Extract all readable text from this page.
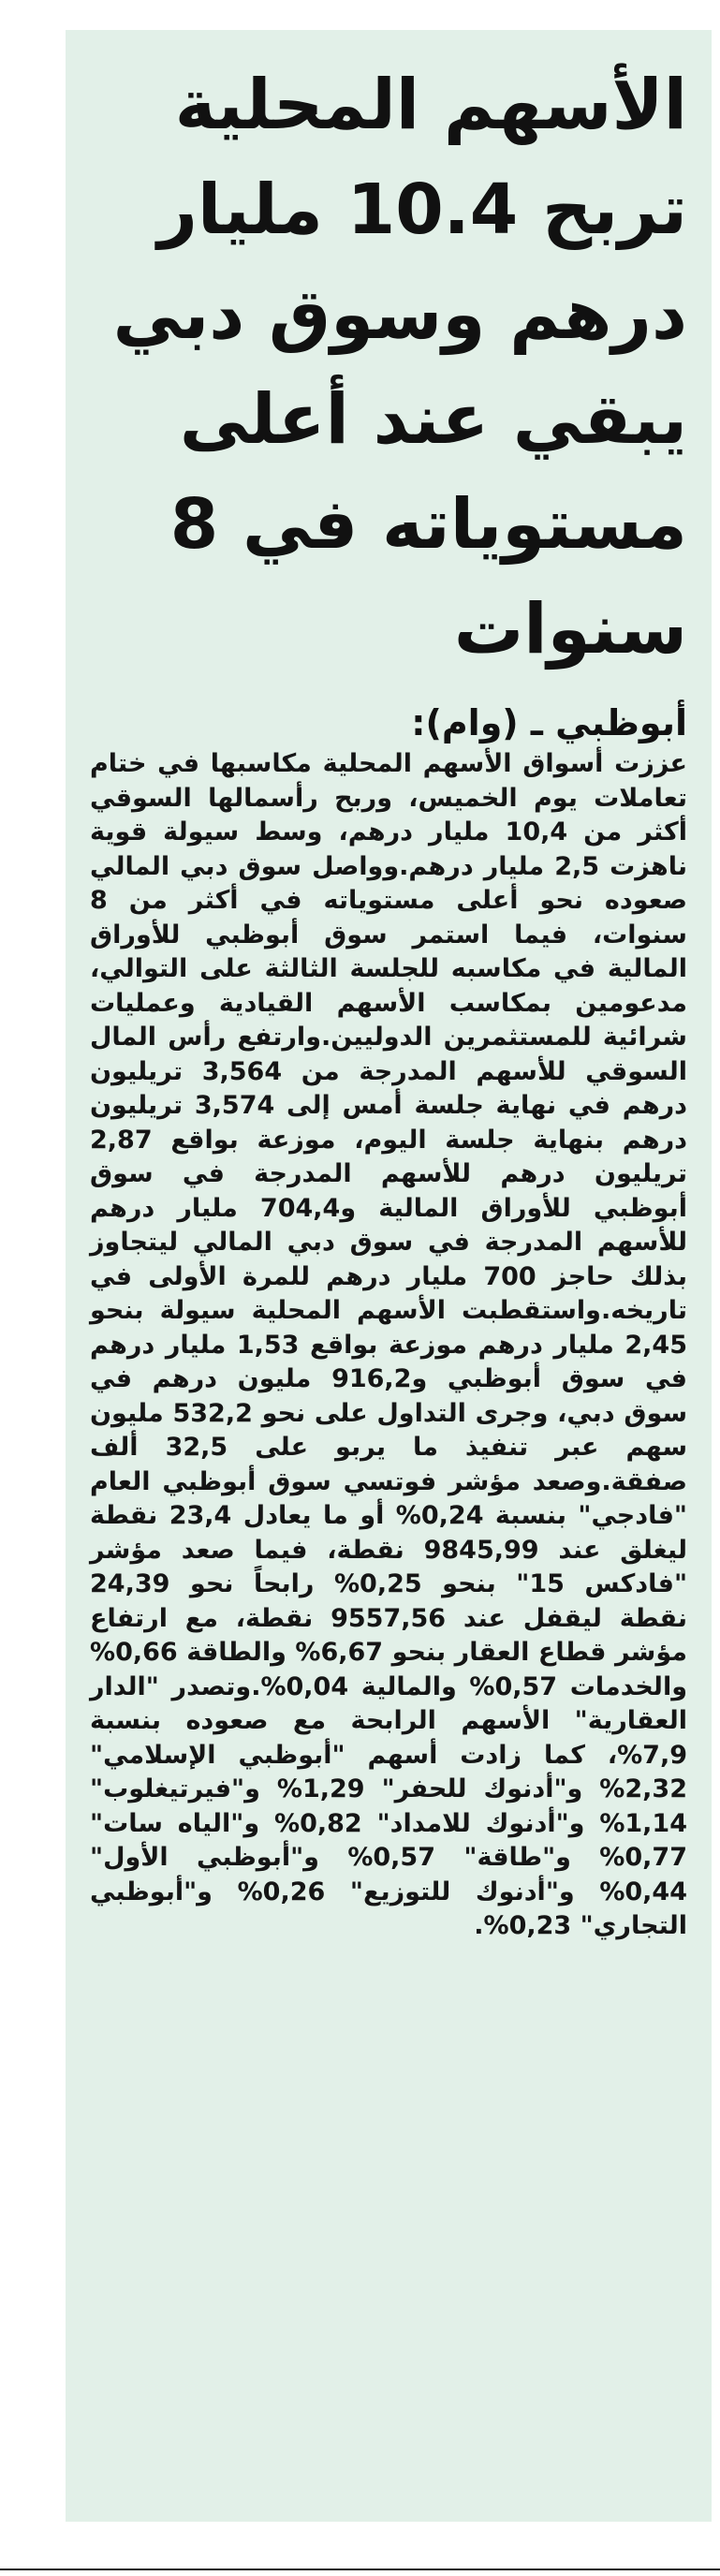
الأسهم المحلية
تربح 10.4 مليار
درهم وسوق دبي
يبقي عند أعلى
مستوياته في 8
سنوات
أبوظبي ـ (وام):

عززت أسواق الأسهم المحلية مكاسبها في ختام تعاملات يوم الخميس، وربح رأسمالها السوقي أكثر من 10,4 مليار درهم، وسط سيولة قوية ناهزت 2,5 مليار درهم.وواصل سوق دبي المالي صعوده نحو أعلى مستوياته في أكثر من 8 سنوات، فيما استمر سوق أبوظبي للأوراق المالية في مكاسبه للجلسة الثالثة على التوالي، مدعومين بمكاسب الأسهم القيادية وعمليات شرائية للمستثمرين الدوليين.وارتفع رأس المال السوقي للأسهم المدرجة من 3,564 تريليون درهم في نهاية جلسة أمس إلى 3,574 تريليون درهم بنهاية جلسة اليوم، موزعة بواقع 2,87 تريليون درهم للأسهم المدرجة في سوق أبوظبي للأوراق المالية و704,4 مليار درهم للأسهم المدرجة في سوق دبي المالي ليتجاوز بذلك حاجز 700 مليار درهم للمرة الأولى في تاريخه.واستقطبت الأسهم المحلية سيولة بنحو 2,45 مليار درهم موزعة بواقع 1,53 مليار درهم في سوق أبوظبي و916,2 مليون درهم في سوق دبي، وجرى التداول على نحو 532,2 مليون سهم عبر تنفيذ ما يربو على 32,5 ألف صفقة.وصعد مؤشر فوتسي سوق أبوظبي العام "فادجي" بنسبة 0,24% أو ما يعادل 23,4 نقطة ليغلق عند 9845,99 نقطة، فيما صعد مؤشر "فادكس 15" بنحو 0,25% رابحاً نحو 24,39 نقطة ليقفل عند 9557,56 نقطة، مع ارتفاع مؤشر قطاع العقار بنحو 6,67% والطاقة 0,66% والخدمات 0,57% والمالية 0,04%.وتصدر "الدار العقارية" الأسهم الرابحة مع صعوده بنسبة 7,9%، كما زادت أسهم "أبوظبي الإسلامي" 2,32% و"أدنوك للحفر" 1,29% و"فيرتيغلوب" 1,14% و"أدنوك للامداد" 0,82% و"الياه سات" 0,77% و"طاقة" 0,57% و"أبوظبي الأول" 0,44% و"أدنوك للتوزيع" 0,26% و"أبوظبي التجاري" 0,23%.
